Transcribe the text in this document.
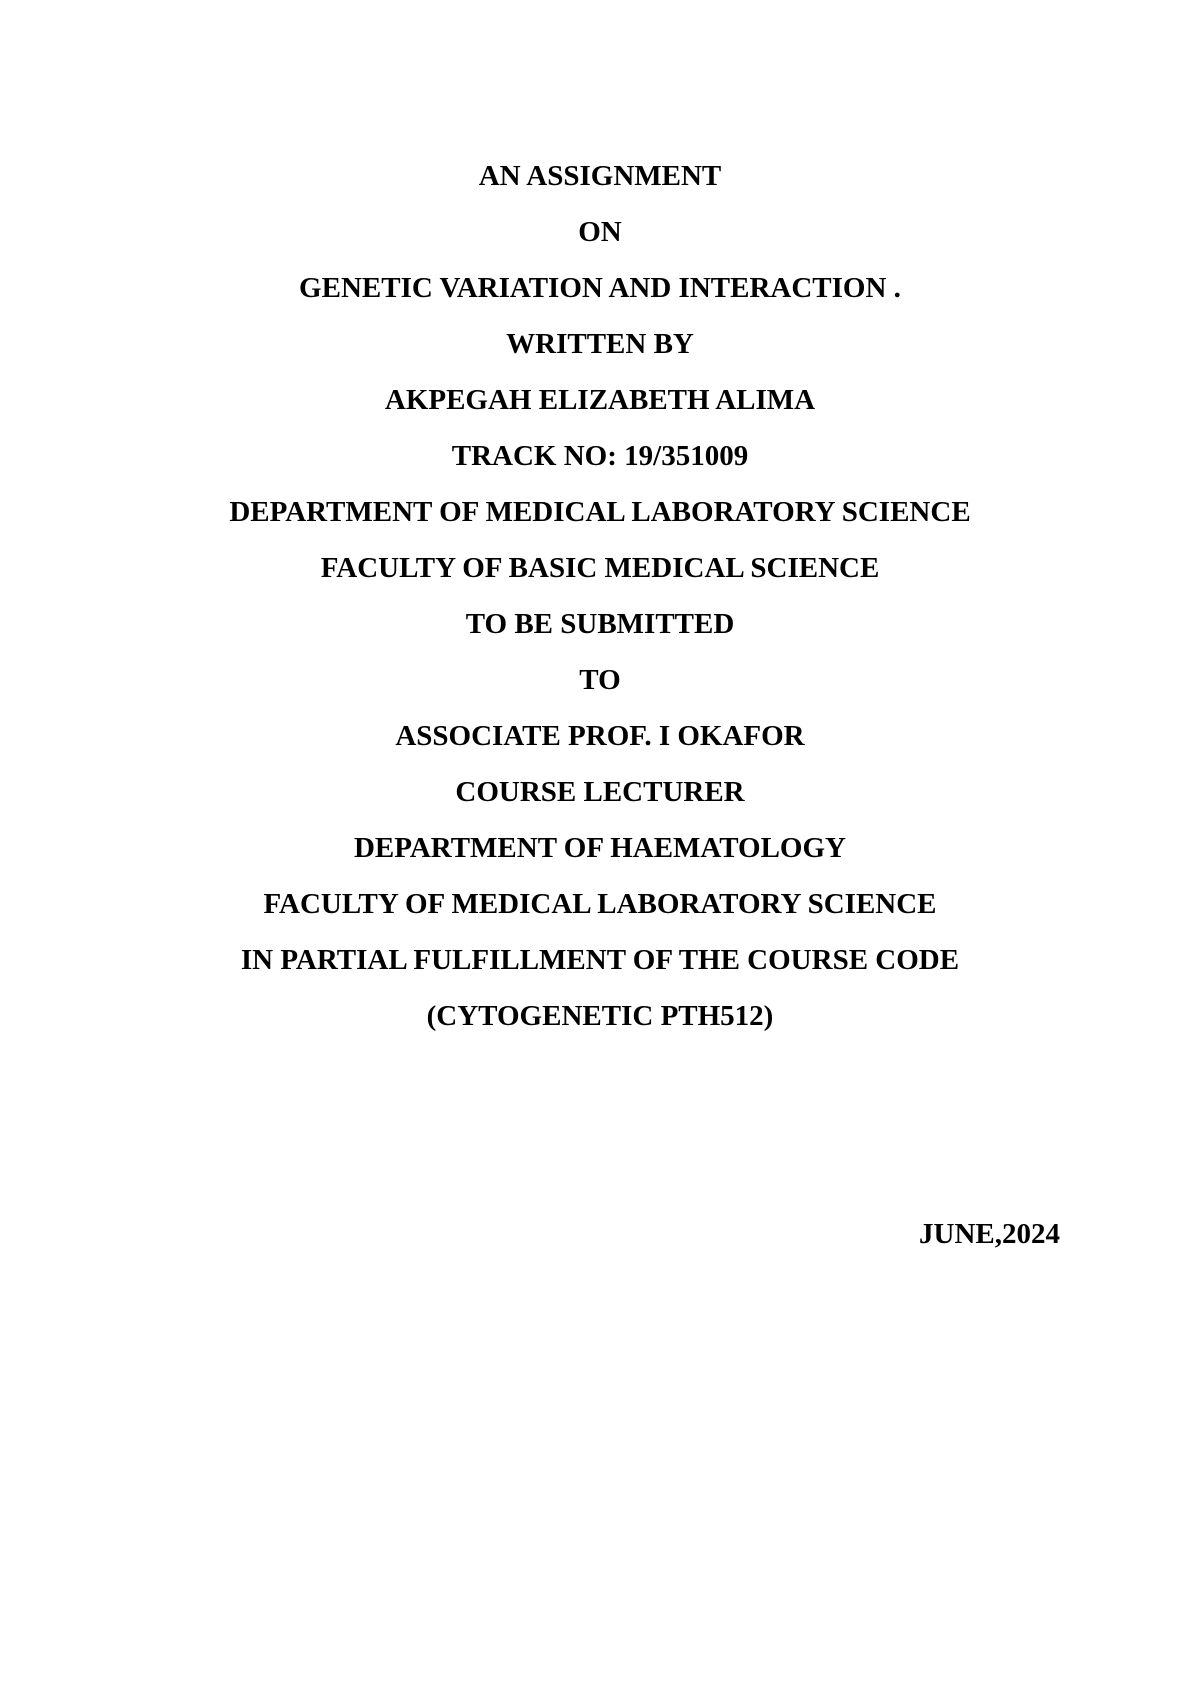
AN ASSIGNMENT
ON
GENETIC VARIATION AND INTERACTION .
WRITTEN BY
AKPEGAH ELIZABETH ALIMA
TRACK NO: 19/351009
DEPARTMENT OF MEDICAL LABORATORY SCIENCE
FACULTY OF BASIC MEDICAL SCIENCE
TO BE SUBMITTED
TO
ASSOCIATE PROF. I OKAFOR
COURSE LECTURER
DEPARTMENT OF HAEMATOLOGY
FACULTY OF MEDICAL LABORATORY SCIENCE
IN PARTIAL FULFILLMENT OF THE COURSE CODE
(CYTOGENETIC PTH512)
JUNE,2024
